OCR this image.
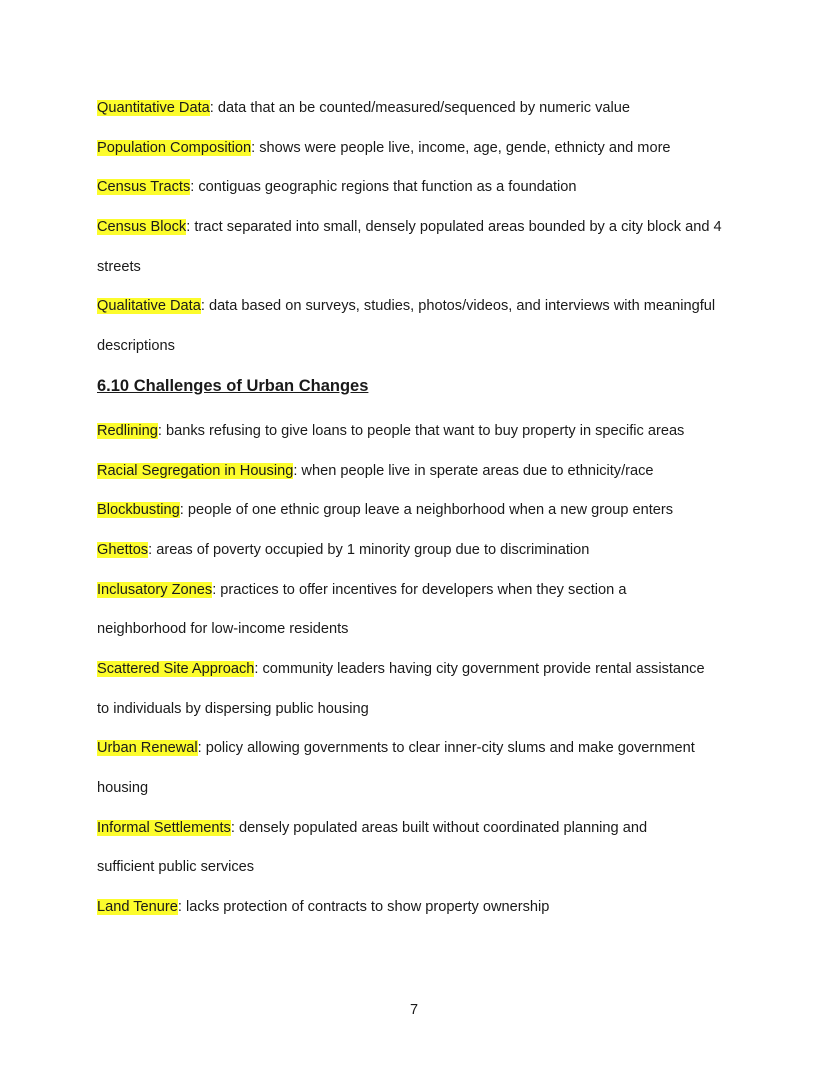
Quantitative Data: data that an be counted/measured/sequenced by numeric value
Population Composition: shows were people live, income, age, gende, ethnicty and more
Census Tracts: contiguas geographic regions that function as a foundation
Census Block: tract separated into small, densely populated areas bounded by a city block and 4
streets
Qualitative Data: data based on surveys, studies, photos/videos, and interviews with meaningful
descriptions
6.10 Challenges of Urban Changes
Redlining: banks refusing to give loans to people that want to buy property in specific areas
Racial Segregation in Housing: when people live in sperate areas due to ethnicity/race
Blockbusting: people of one ethnic group leave a neighborhood when a new group enters
Ghettos: areas of poverty occupied by 1 minority group due to discrimination
Inclusatory Zones: practices to offer incentives for developers when they section a
neighborhood for low-income residents
Scattered Site Approach: community leaders having city government provide rental assistance
to individuals by dispersing public housing
Urban Renewal: policy allowing governments to clear inner-city slums and make government
housing
Informal Settlements: densely populated areas built without coordinated planning and
sufficient public services
Land Tenure: lacks protection of contracts to show property ownership
7
